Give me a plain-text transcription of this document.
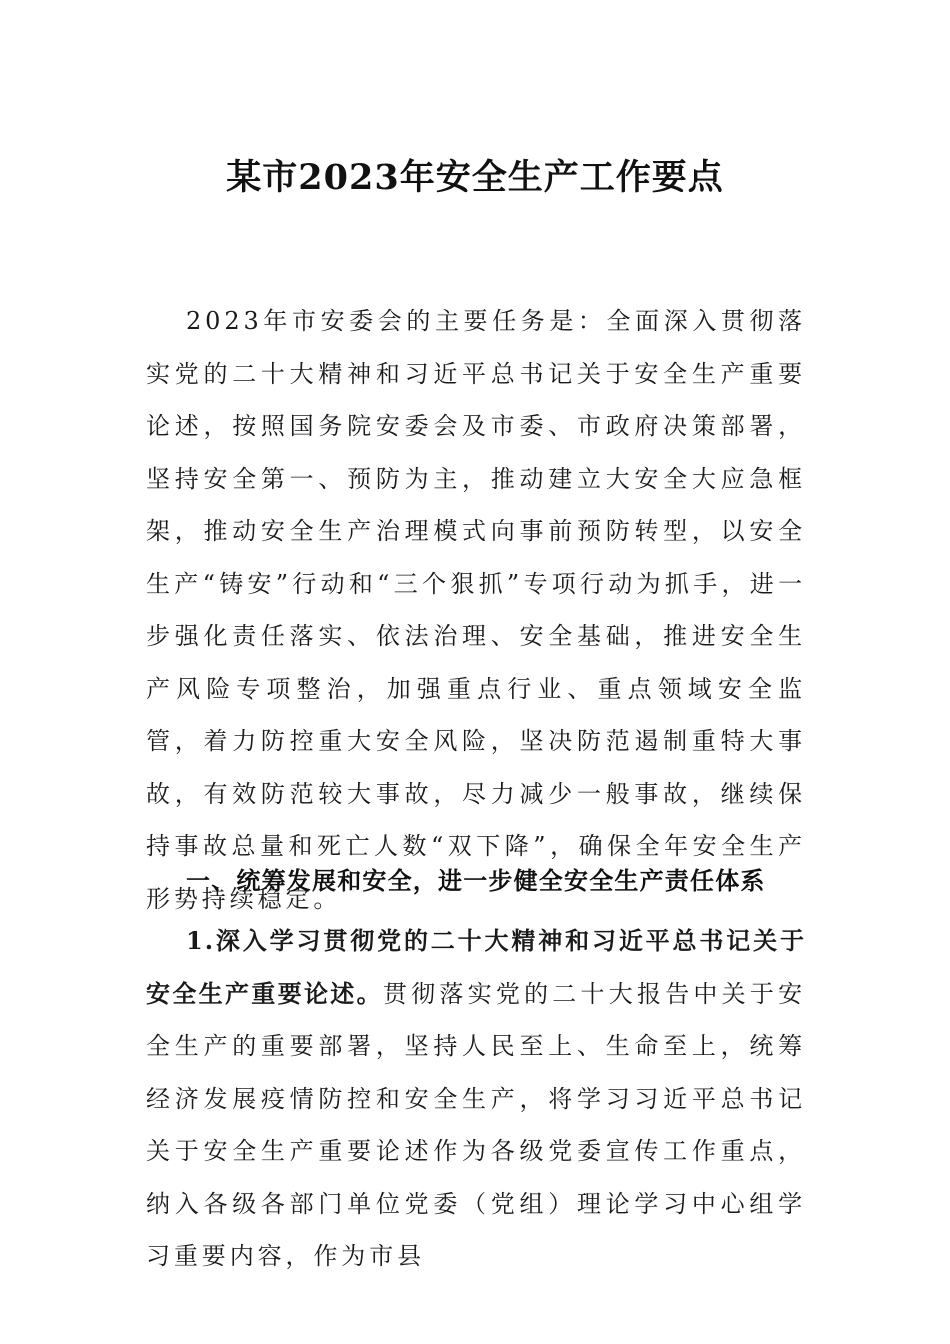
某市2023年安全生产工作要点

2023年市安委会的主要任务是：全面深入贯彻落实党的二十大精神和习近平总书记关于安全生产重要论述，按照国务院安委会及市委、市政府决策部署，坚持安全第一、预防为主，推动建立大安全大应急框架，推动安全生产治理模式向事前预防转型，以安全生产“铸安”行动和“三个狠抓”专项行动为抓手，进一步强化责任落实、依法治理、安全基础，推进安全生产风险专项整治，加强重点行业、重点领域安全监管，着力防控重大安全风险，坚决防范遏制重特大事故，有效防范较大事故，尽力减少一般事故，继续保持事故总量和死亡人数“双下降”，确保全年安全生产形势持续稳定。

一、统筹发展和安全，进一步健全安全生产责任体系

1.深入学习贯彻党的二十大精神和习近平总书记关于安全生产重要论述。贯彻落实党的二十大报告中关于安全生产的重要部署，坚持人民至上、生命至上，统筹经济发展疫情防控和安全生产，将学习习近平总书记关于安全生产重要论述作为各级党委宣传工作重点，纳入各级各部门单位党委（党组）理论学习中心组学习重要内容，作为市县
